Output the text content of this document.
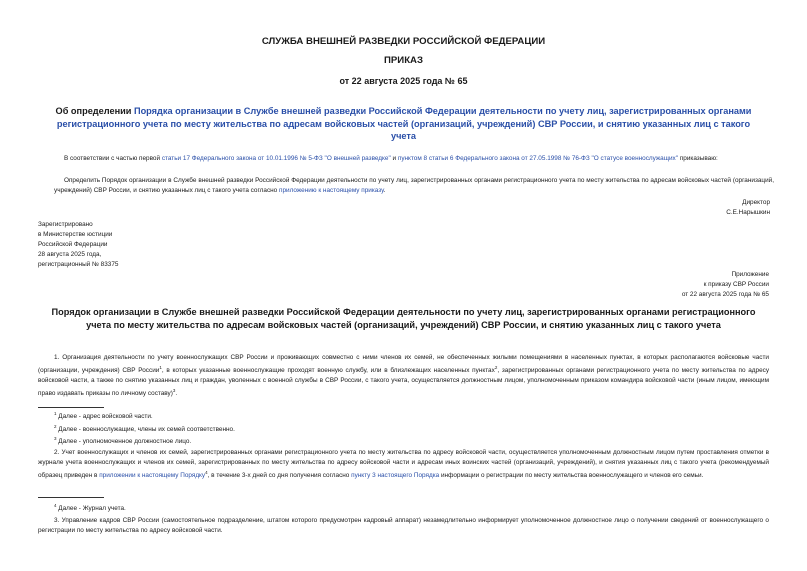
СЛУЖБА ВНЕШНЕЙ РАЗВЕДКИ РОССИЙСКОЙ ФЕДЕРАЦИИ
ПРИКАЗ
от 22 августа 2025 года № 65
Об определении Порядка организации в Службе внешней разведки Российской Федерации деятельности по учету лиц, зарегистрированных органами регистрационного учета по месту жительства по адресам войсковых частей (организаций, учреждений) СВР России, и снятию указанных лиц с такого учета
В соответствии с частью первой статьи 17 Федерального закона от 10.01.1996 № 5-ФЗ "О внешней разведке" и пунктом 8 статьи 6 Федерального закона от 27.05.1998 № 76-ФЗ "О статусе военнослужащих" приказываю:
Определить Порядок организации в Службе внешней разведки Российской Федерации деятельности по учету лиц, зарегистрированных органами регистрационного учета по месту жительства по адресам войсковых частей (организаций, учреждений) СВР России, и снятию указанных лиц с такого учета согласно приложению к настоящему приказу.
Директор
С.Е.Нарышкин
Зарегистрировано
в Министерстве юстиции
Российской Федерации
28 августа 2025 года,
регистрационный № 83375
Приложение
к приказу СВР России
от 22 августа 2025 года № 65
Порядок организации в Службе внешней разведки Российской Федерации деятельности по учету лиц, зарегистрированных органами регистрационного учета по месту жительства по адресам войсковых частей (организаций, учреждений) СВР России, и снятию указанных лиц с такого учета
1. Организация деятельности по учету военнослужащих СВР России и проживающих совместно с ними членов их семей, не обеспеченных жилыми помещениями в населенных пунктах, в которых располагаются войсковые части (организации, учреждения) СВР России$^1$, в которых указанные военнослужащие проходят военную службу, или в близлежащих населенных пунктах$^2$, зарегистрированных органами регистрационного учета по месту жительства по адресу войсковой части, а также по снятию указанных лиц и граждан, уволенных с военной службы в СВР России, с такого учета, осуществляется должностным лицом, уполномоченным приказом командира войсковой части (иным лицом, имеющим право издавать приказы по личному составу)$^3$.
$^1$ Далее - адрес войсковой части.
$^2$ Далее - военнослужащие, члены их семей соответственно.
$^3$ Далее - уполномоченное должностное лицо.
2. Учет военнослужащих и членов их семей, зарегистрированных органами регистрационного учета по месту жительства по адресу войсковой части, осуществляется уполномоченным должностным лицом путем проставления отметки в журнале учета военнослужащих и членов их семей, зарегистрированных по месту жительства по адресу войсковой части и адресам иных воинских частей (организаций, учреждений), и снятия указанных лиц с такого учета (рекомендуемый образец приведен в приложении к настоящему Порядку$^4$, в течение 3-х дней со дня получения согласно пункту 3 настоящего Порядка информации о регистрации по месту жительства военнослужащего и членов его семьи.
$^4$ Далее - Журнал учета.
3. Управление кадров СВР России (самостоятельное подразделение, штатом которого предусмотрен кадровый аппарат) незамедлительно информирует уполномоченное должностное лицо о получении сведений от военнослужащего о регистрации по месту жительства по адресу войсковой части.
